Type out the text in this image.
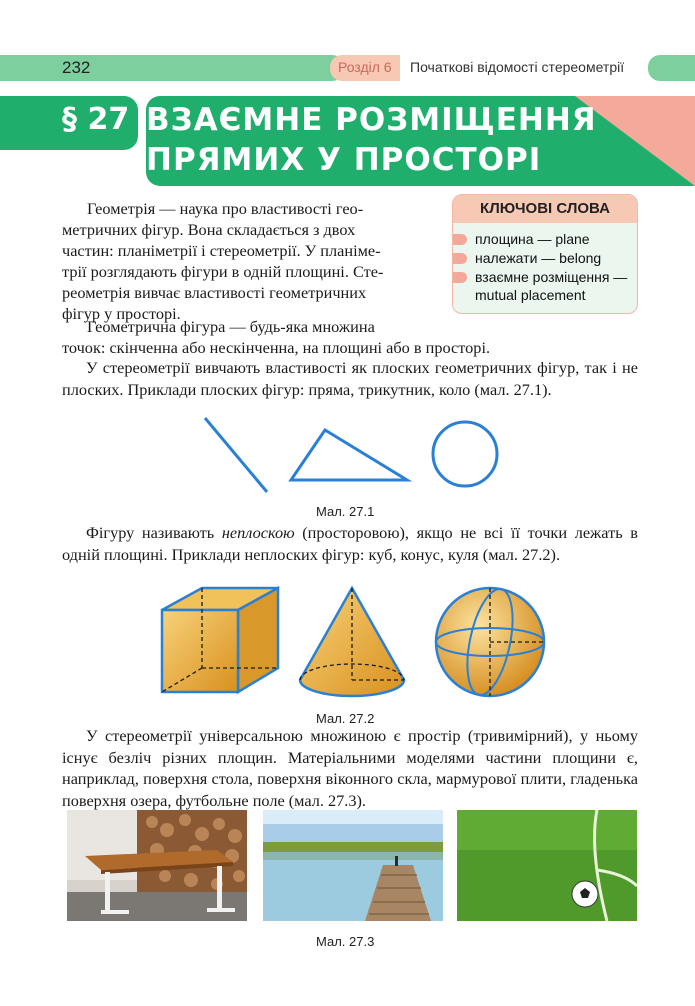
232	Розділ 6 Початкові відомості стереометрії
§ 27 ВЗАЄМНЕ РОЗМІЩЕННЯ
ПРЯМИХ У ПРОСТОРІ
КЛЮЧОВІ СЛОВА
площина — plane
належати — belong
взаємне розміщення —
mutual placement
Геометрія — наука про властивості гео-
метричних фігур. Вона складається з двох
частин: планіметрії і стереометрії. У планімe-
трії розглядають фігури в одній площині. Сте-
реометрія вивчає властивості геометричних
фігур у просторі.
Геометрична фігура — будь-яка множина
точок: скінченна або нескінченна, на площині або в просторі.
У стереометрії вивчають властивості як плоских геометричних фігур, так і не плоских. Приклади плоских фігур: пряма, трикутник, коло (мал. 27.1).
Мал. 27.1
Фігуру називають неплоскою (просторовою), якщо не всі її точки лежать в одній площині. Приклади неплоских фігур: куб, конус, куля (мал. 27.2).
Мал. 27.2
У стереометрії універсальною множиною є простір (тривимірний), у ньому існує безліч різних площин. Матеріальними моделями частини площини є, наприклад, поверхня стола, поверхня віконного скла, мармурової плити, гладенька поверхня озера, футбольне поле (мал. 27.3).
Мал. 27.3
